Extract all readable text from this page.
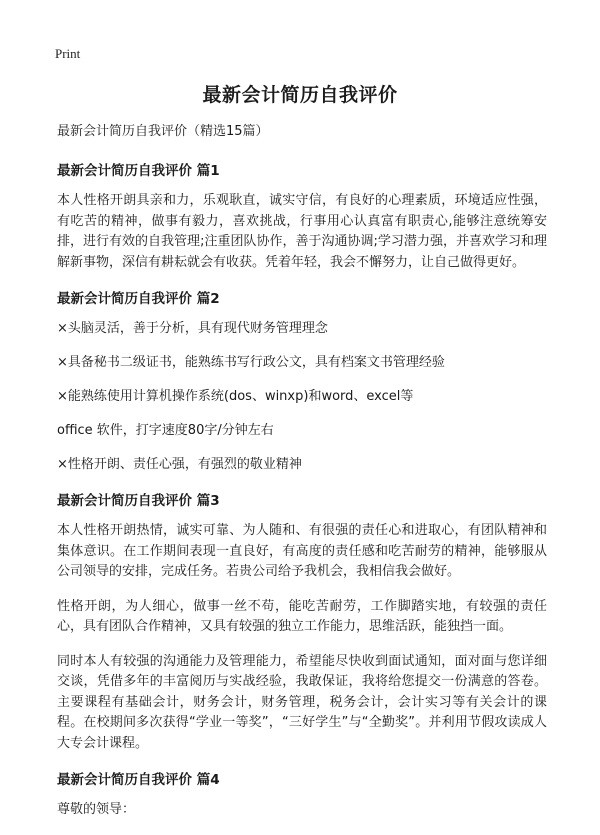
Print
最新会计简历自我评价
最新会计简历自我评价（精选15篇）
最新会计简历自我评价 篇1
本人性格开朗具亲和力，乐观耿直，诚实守信，有良好的心理素质，环境适应性强，有吃苦的精神，做事有毅力，喜欢挑战，行事用心认真富有职责心,能够注意统筹安排，进行有效的自我管理;注重团队协作，善于沟通协调;学习潜力强，并喜欢学习和理解新事物，深信有耕耘就会有收获。凭着年轻，我会不懈努力，让自己做得更好。
最新会计简历自我评价 篇2
×头脑灵活，善于分析，具有现代财务管理理念
×具备秘书二级证书，能熟练书写行政公文，具有档案文书管理经验
×能熟练使用计算机操作系统(dos、winxp)和word、excel等
office 软件，打字速度80字/分钟左右
×性格开朗、责任心强，有强烈的敬业精神
最新会计简历自我评价 篇3
本人性格开朗热情，诚实可靠、为人随和、有很强的责任心和进取心，有团队精神和集体意识。在工作期间表现一直良好，有高度的责任感和吃苦耐劳的精神，能够服从公司领导的安排，完成任务。若贵公司给予我机会，我相信我会做好。
性格开朗，为人细心，做事一丝不苟，能吃苦耐劳，工作脚踏实地，有较强的责任心，具有团队合作精神，又具有较强的独立工作能力，思维活跃，能独挡一面。
同时本人有较强的沟通能力及管理能力，希望能尽快收到面试通知，面对面与您详细交谈，凭借多年的丰富阅历与实战经验，我敢保证，我将给您提交一份满意的答卷。主要课程有基础会计，财务会计，财务管理，税务会计，会计实习等有关会计的课程。在校期间多次获得“学业一等奖”，“三好学生”与“全勤奖”。并利用节假攻读成人大专会计课程。
最新会计简历自我评价 篇4
尊敬的领导：
